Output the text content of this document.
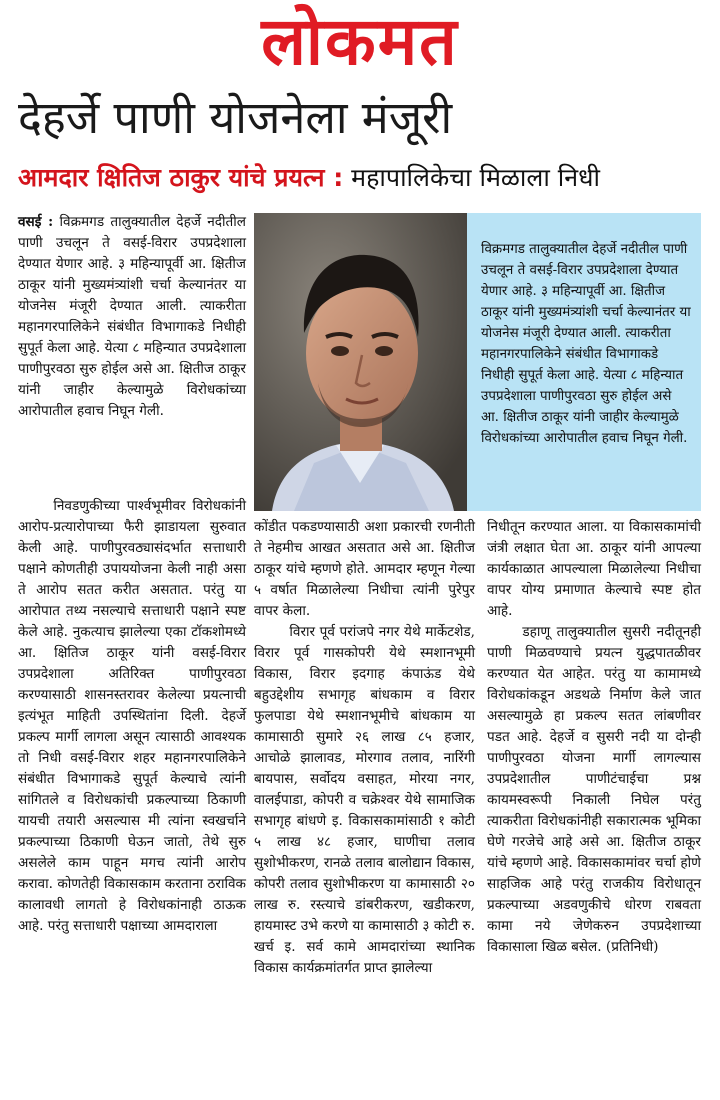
लोकमत
देहर्जे पाणी योजनेला मंजूरी
आमदार क्षितिज ठाकुर यांचे प्रयत्न : महापालिकेचा मिळाला निधी

वसई : विक्रमगड तालुक्यातील देहर्जे नदीतील पाणी उचलून ते वसई-विरार उपप्रदेशाला देण्यात येणार आहे. ३ महिन्यापूर्वी आ. क्षितीज ठाकूर यांनी मुख्यमंत्र्यांशी चर्चा केल्यानंतर या योजनेस मंजूरी देण्यात आली. त्याकरीता महानगरपालिकेने संबंधीत विभागाकडे निधीही सुपूर्त केला आहे. येत्या ८ महिन्यात उपप्रदेशाला पाणीपुरवठा सुरु होईल असे आ. क्षितीज ठाकूर यांनी जाहीर केल्यामुळे विरोधकांच्या आरोपातील हवाच निघून गेली.

निवडणुकीच्या पार्श्वभूमीवर विरोधकांनी आरोप-प्रत्यारोपाच्या फैरी झाडायला सुरुवात केली आहे. पाणीपुरवठ्यासंदर्भात सत्ताधारी पक्षाने कोणतीही उपाययोजना केली नाही असा ते आरोप सतत करीत असतात. परंतु या आरोपात तथ्य नसल्याचे सत्ताधारी पक्षाने स्पष्ट केले आहे. नुकत्याच झालेल्या एका टॉकशोमध्ये आ. क्षितिज ठाकूर यांनी वसई-विरार उपप्रदेशाला अतिरिक्त पाणीपुरवठा करण्यासाठी शासनस्तरावर केलेल्या प्रयत्नाची इत्यंभूत माहिती उपस्थितांना दिली. देहर्जे प्रकल्प मार्गी लागला असून त्यासाठी आवश्यक तो निधी वसई-विरार शहर महानगरपालिकेने संबंधीत विभागाकडे सुपूर्त केल्याचे त्यांनी सांगितले व विरोधकांची प्रकल्पाच्या ठिकाणी यायची तयारी असल्यास मी त्यांना स्वखर्चाने प्रकल्पाच्या ठिकाणी घेऊन जातो, तेथे सुरु असलेले काम पाहून मगच त्यांनी आरोप करावा. कोणतेही विकासकाम करताना ठराविक कालावधी लागतो हे विरोधकांनाही ठाऊक आहे. परंतु सत्ताधारी पक्षाच्या आमदाराला

विक्रमगड तालुक्यातील देहर्जे नदीतील पाणी उचलून ते वसई-विरार उपप्रदेशाला देण्यात येणार आहे. ३ महिन्यापूर्वी आ. क्षितीज ठाकूर यांनी मुख्यमंत्र्यांशी चर्चा केल्यानंतर या योजनेस मंजूरी देण्यात आली. त्याकरीता महानगरपालिकेने संबंधीत विभागाकडे निधीही सुपूर्त केला आहे. येत्या ८ महिन्यात उपप्रदेशाला पाणीपुरवठा सुरु होईल असे आ. क्षितीज ठाकूर यांनी जाहीर केल्यामुळे विरोधकांच्या आरोपातील हवाच निघून गेली.

कोंडीत पकडण्यासाठी अशा प्रकारची रणनीती ते नेहमीच आखत असतात असे आ. क्षितीज ठाकूर यांचे म्हणणे होते. आमदार म्हणून गेल्या ५ वर्षात मिळालेल्या निधीचा त्यांनी पुरेपुर वापर केला.

विरार पूर्व परांजपे नगर येथे मार्केटशेड, विरार पूर्व गासकोपरी येथे स्मशानभूमी विकास, विरार इदगाह कंपाऊंड येथे बहुउद्देशीय सभागृह बांधकाम व विरार फुलपाडा येथे स्मशानभूमीचे बांधकाम या कामासाठी सुमारे २६ लाख ८५ हजार, आचोळे झालावड, मोरगाव तलाव, नारिंगी बायपास, सर्वोदय वसाहत, मोरया नगर, वालईपाडा, कोपरी व चक्रेश्वर येथे सामाजिक सभागृह बांधणे इ. विकासकामांसाठी १ कोटी ५ लाख ४८ हजार, घाणीचा तलाव सुशोभीकरण, रानळे तलाव बालोद्यान विकास, कोपरी तलाव सुशोभीकरण या कामासाठी २० लाख रु. रस्त्याचे डांबरीकरण, खडीकरण, हायमास्ट उभे करणे या कामासाठी ३ कोटी रु. खर्च इ. सर्व कामे आमदारांच्या स्थानिक विकास कार्यक्रमांतर्गत प्राप्त झालेल्या

निधीतून करण्यात आला. या विकासकामांची जंत्री लक्षात घेता आ. ठाकूर यांनी आपल्या कार्यकाळात आपल्याला मिळालेल्या निधीचा वापर योग्य प्रमाणात केल्याचे स्पष्ट होत आहे.

डहाणू तालुक्यातील सुसरी नदीतूनही पाणी मिळवण्याचे प्रयत्न युद्धपातळीवर करण्यात येत आहेत. परंतु या कामामध्ये विरोधकांकडून अडथळे निर्माण केले जात असल्यामुळे हा प्रकल्प सतत लांबणीवर पडत आहे. देहर्जे व सुसरी नदी या दोन्ही पाणीपुरवठा योजना मार्गी लागल्यास उपप्रदेशातील पाणीटंचाईचा प्रश्न कायमस्वरूपी निकाली निघेल परंतु त्याकरीता विरोधकांनीही सकारात्मक भूमिका घेणे गरजेचे आहे असे आ. क्षितीज ठाकूर यांचे म्हणणे आहे. विकासकामांवर चर्चा होणे साहजिक आहे परंतु राजकीय विरोधातून प्रकल्पाच्या अडवणुकीचे धोरण राबवता कामा नये जेणेकरुन उपप्रदेशाच्या विकासाला खिळ बसेल. (प्रतिनिधी)
